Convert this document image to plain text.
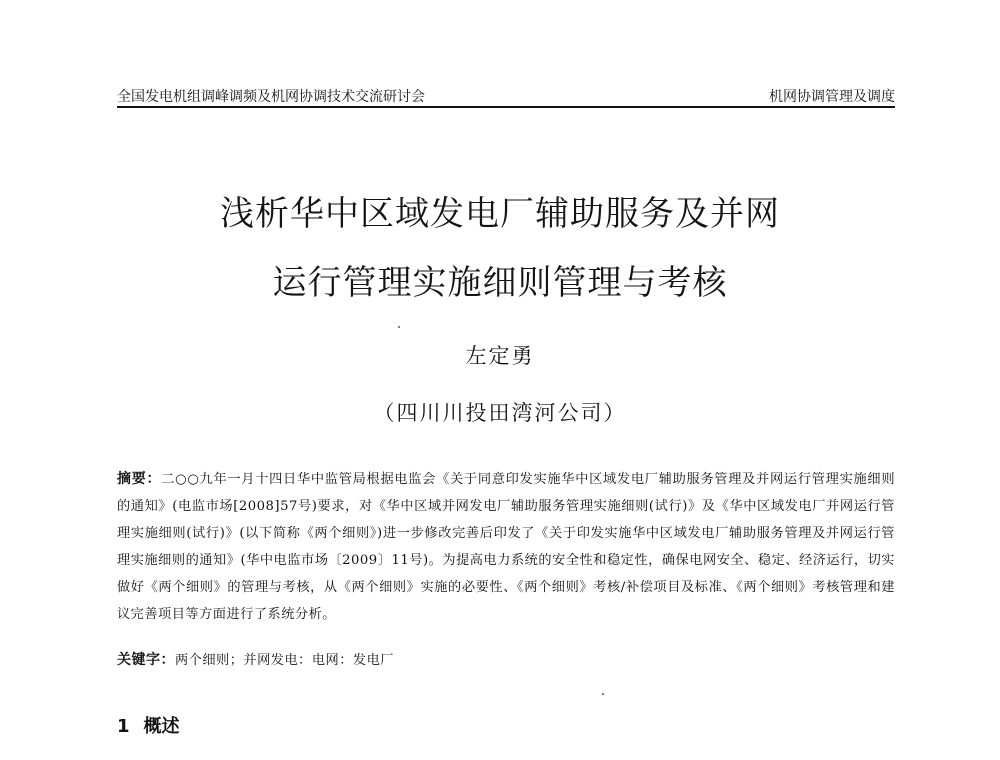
全国发电机组调峰调频及机网协调技术交流研讨会	机网协调管理及调度
浅析华中区域发电厂辅助服务及并网
运行管理实施细则管理与考核
左定勇
（四川川投田湾河公司）
摘要：二○○九年一月十四日华中监管局根据电监会《关于同意印发实施华中区域发电厂辅助服务管理及并网运行管理实施细则的通知》(电监市场[2008]57号)要求，对《华中区域并网发电厂辅助服务管理实施细则(试行)》及《华中区域发电厂并网运行管理实施细则(试行)》(以下简称《两个细则》)进一步修改完善后印发了《关于印发实施华中区域发电厂辅助服务管理及并网运行管理实施细则的通知》(华中电监市场〔2009〕11号)。为提高电力系统的安全性和稳定性，确保电网安全、稳定、经济运行，切实做好《两个细则》的管理与考核，从《两个细则》实施的必要性、《两个细则》考核/补偿项目及标准、《两个细则》考核管理和建议完善项目等方面进行了系统分析。
关键字：两个细则；并网发电：电网：发电厂
1 概述
